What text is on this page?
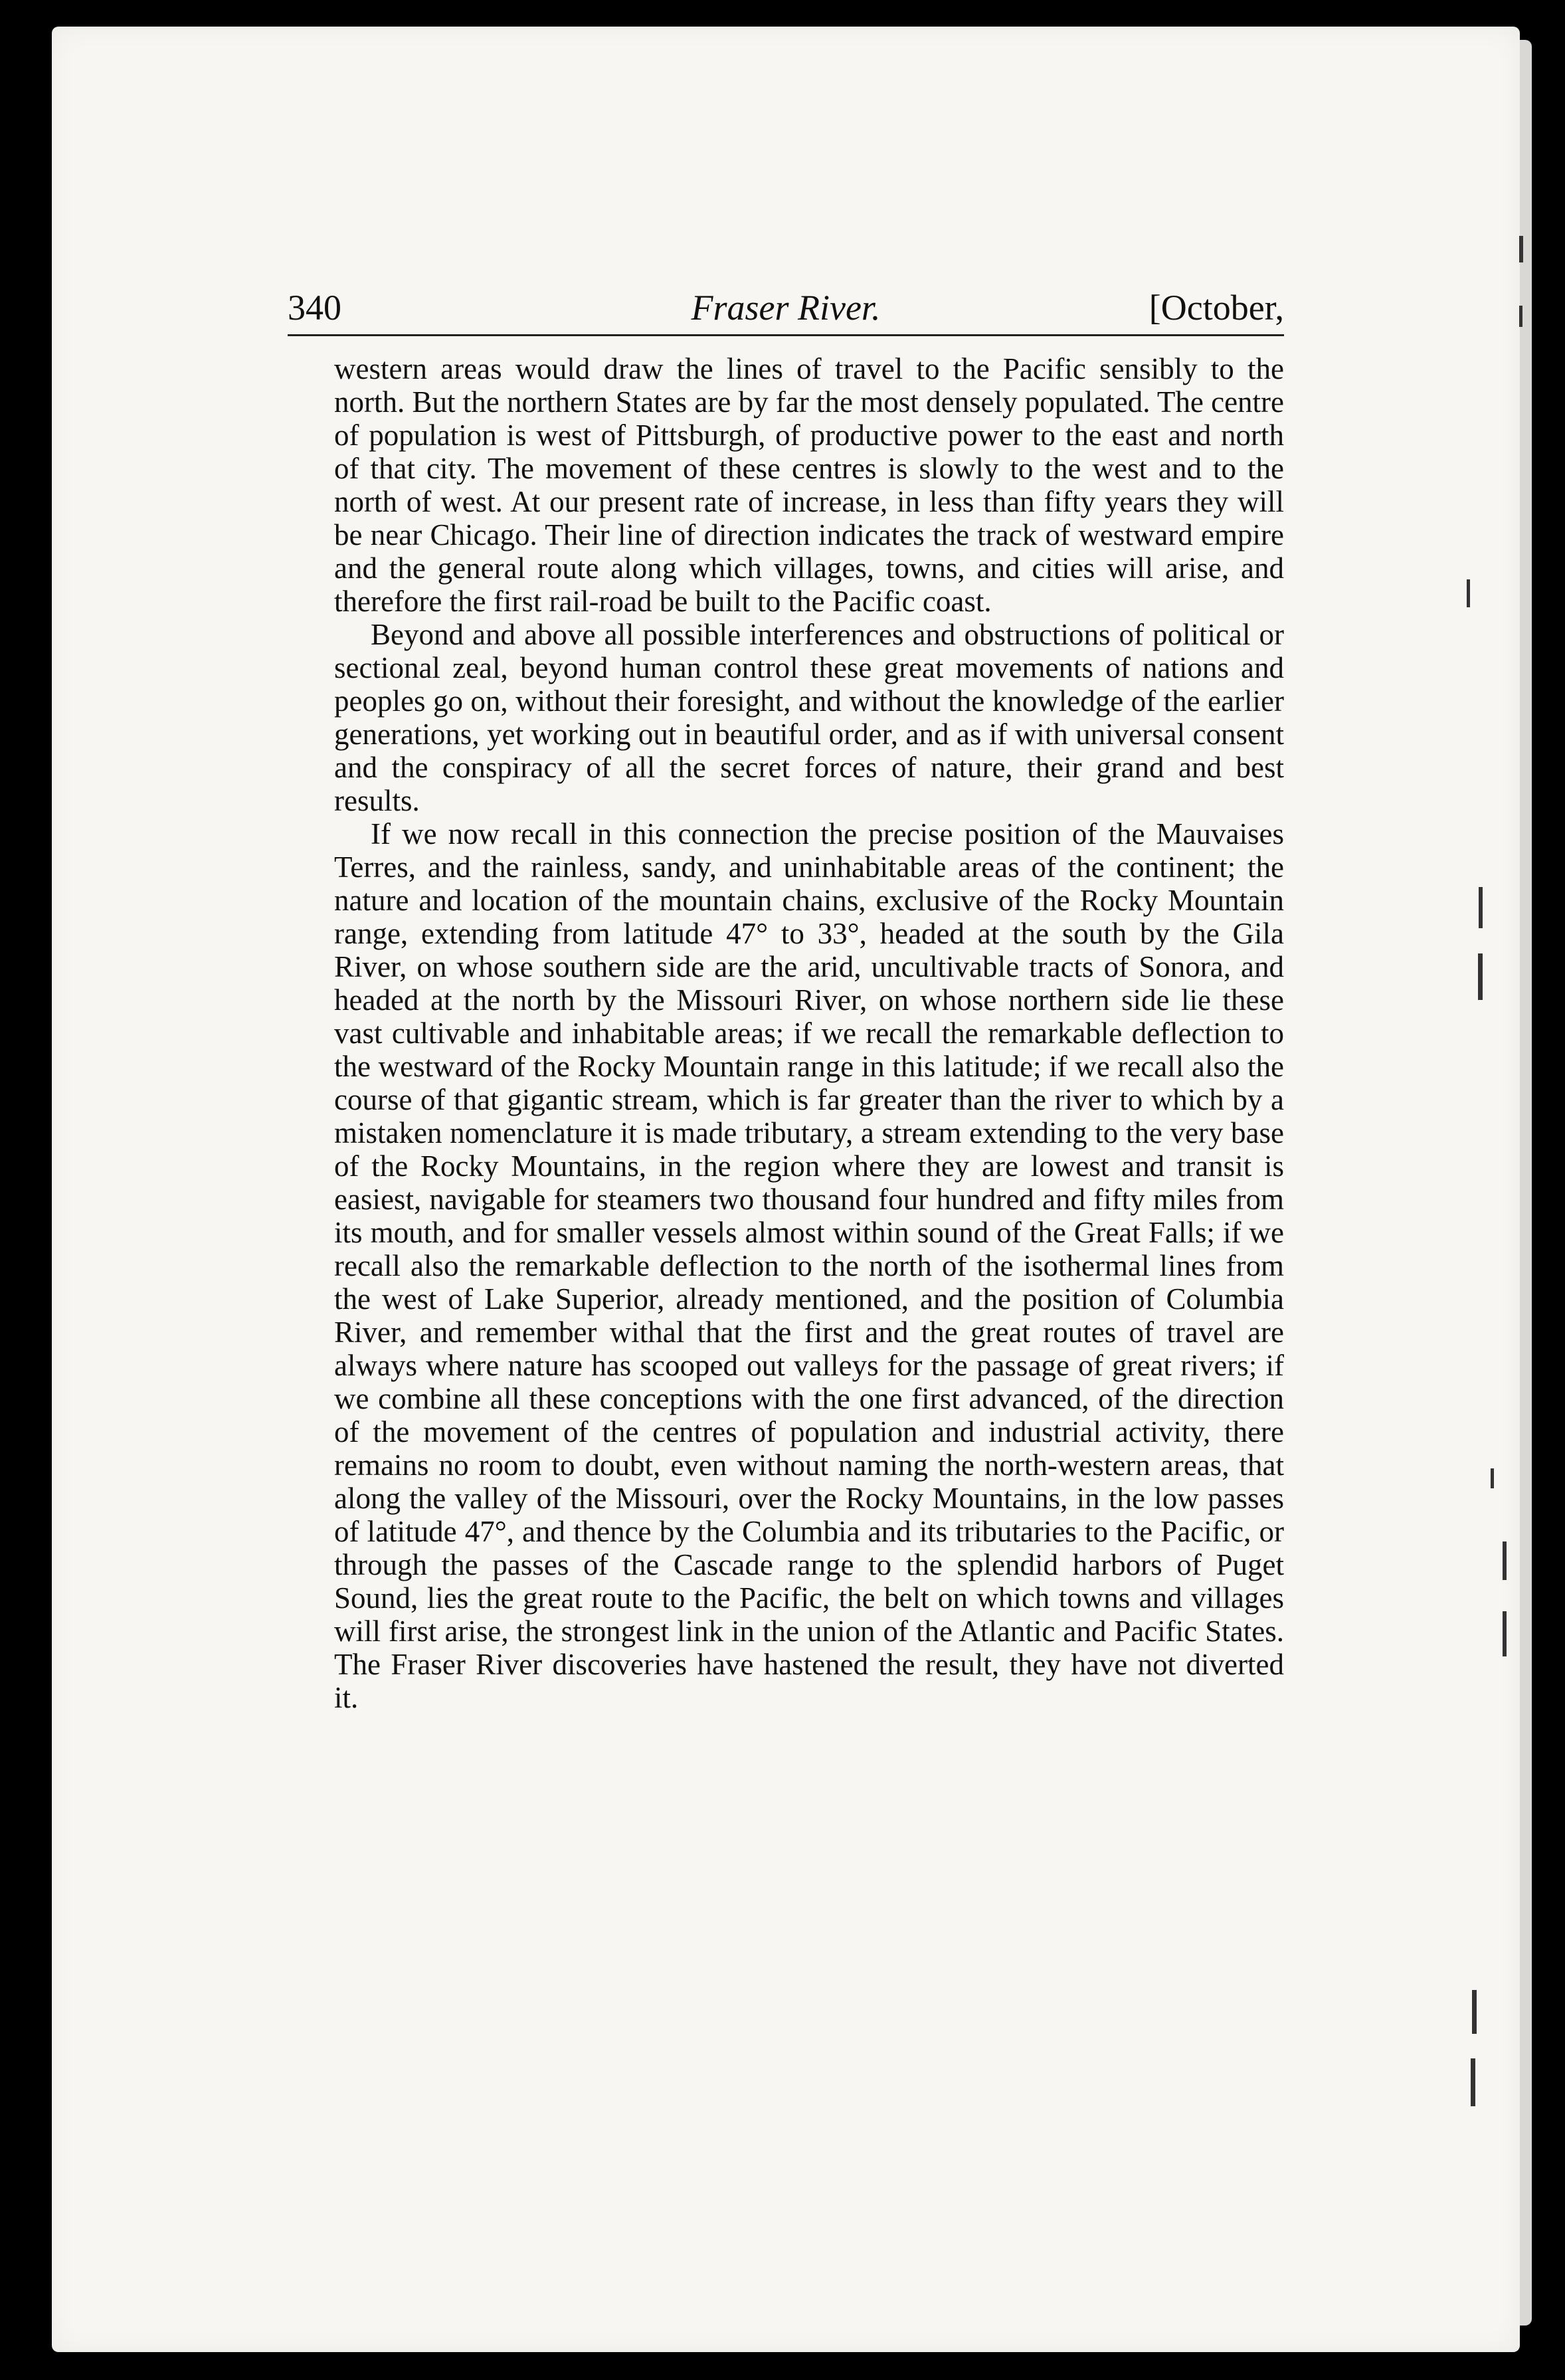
340	Fraser River.	[October,

western areas would draw the lines of travel to the Pacific sensibly to the north. But the northern States are by far the most densely populated. The centre of population is west of Pittsburgh, of productive power to the east and north of that city. The movement of these centres is slowly to the west and to the north of west. At our present rate of increase, in less than fifty years they will be near Chicago. Their line of direction indicates the track of westward empire and the general route along which villages, towns, and cities will arise, and therefore the first rail-road be built to the Pacific coast.

Beyond and above all possible interferences and obstructions of political or sectional zeal, beyond human control these great movements of nations and peoples go on, without their foresight, and without the knowledge of the earlier generations, yet working out in beautiful order, and as if with universal consent and the conspiracy of all the secret forces of nature, their grand and best results.

If we now recall in this connection the precise position of the Mauvaises Terres, and the rainless, sandy, and uninhabitable areas of the continent; the nature and location of the mountain chains, exclusive of the Rocky Mountain range, extending from latitude 47° to 33°, headed at the south by the Gila River, on whose southern side are the arid, uncultivable tracts of Sonora, and headed at the north by the Missouri River, on whose northern side lie these vast cultivable and inhabitable areas; if we recall the remarkable deflection to the westward of the Rocky Mountain range in this latitude; if we recall also the course of that gigantic stream, which is far greater than the river to which by a mistaken nomenclature it is made tributary, a stream extending to the very base of the Rocky Mountains, in the region where they are lowest and transit is easiest, navigable for steamers two thousand four hundred and fifty miles from its mouth, and for smaller vessels almost within sound of the Great Falls; if we recall also the remarkable deflection to the north of the isothermal lines from the west of Lake Superior, already mentioned, and the position of Columbia River, and remember withal that the first and the great routes of travel are always where nature has scooped out valleys for the passage of great rivers; if we combine all these conceptions with the one first advanced, of the direction of the movement of the centres of population and industrial activity, there remains no room to doubt, even without naming the north-western areas, that along the valley of the Missouri, over the Rocky Mountains, in the low passes of latitude 47°, and thence by the Columbia and its tributaries to the Pacific, or through the passes of the Cascade range to the splendid harbors of Puget Sound, lies the great route to the Pacific, the belt on which towns and villages will first arise, the strongest link in the union of the Atlantic and Pacific States. The Fraser River discoveries have hastened the result, they have not diverted it.
